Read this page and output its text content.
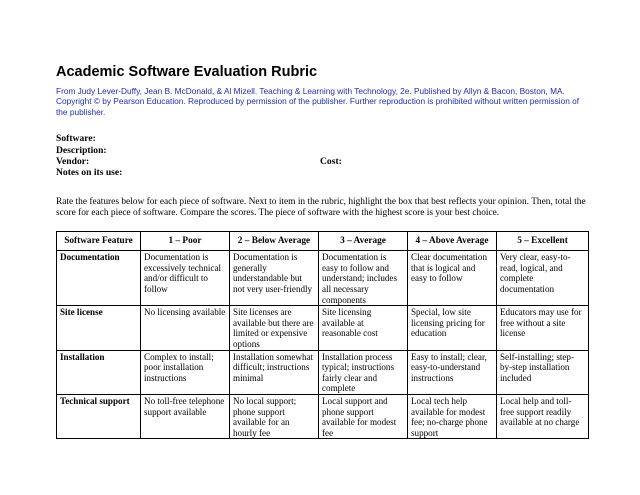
Academic Software Evaluation Rubric

From Judy Lever-Duffy, Jean B. McDonald, & Al Mizell. Teaching & Learning with Technology, 2e. Published by Allyn & Bacon, Boston, MA. Copyright © by Pearson Education. Reproduced by permission of the publisher. Further reproduction is prohibited without written permission of the publisher.

Software:
Description:
Vendor:	Cost:
Notes on its use:
Rate the features below for each piece of software. Next to item in the rubric, highlight the box that best reflects your opinion. Then, total the score for each piece of software. Compare the scores. The piece of software with the highest score is your best choice.
Software Feature	1 – Poor	2 – Below Average	3 – Average	4 – Above Average	5 – Excellent
Documentation	Documentation is excessively technical and/or difficult to follow	Documentation is generally understandable but not very user-friendly	Documentation is easy to follow and understand; includes all necessary components	Clear documentation that is logical and easy to follow	Very clear, easy-to-read, logical, and complete documentation
Site license	No licensing available	Site licenses are available but there are limited or expensive options	Site licensing available at reasonable cost	Special, low site licensing pricing for education	Educators may use for free without a site license
Installation	Complex to install; poor installation instructions	Installation somewhat difficult; instructions minimal	Installation process typical; instructions fairly clear and complete	Easy to install; clear, easy-to-understand instructions	Self-installing; step-by-step installation included
Technical support	No toll-free telephone support available	No local support; phone support available for an hourly fee	Local support and phone support available for modest fee	Local tech help available for modest fee; no-charge phone support	Local help and toll-free support readily available at no charge
